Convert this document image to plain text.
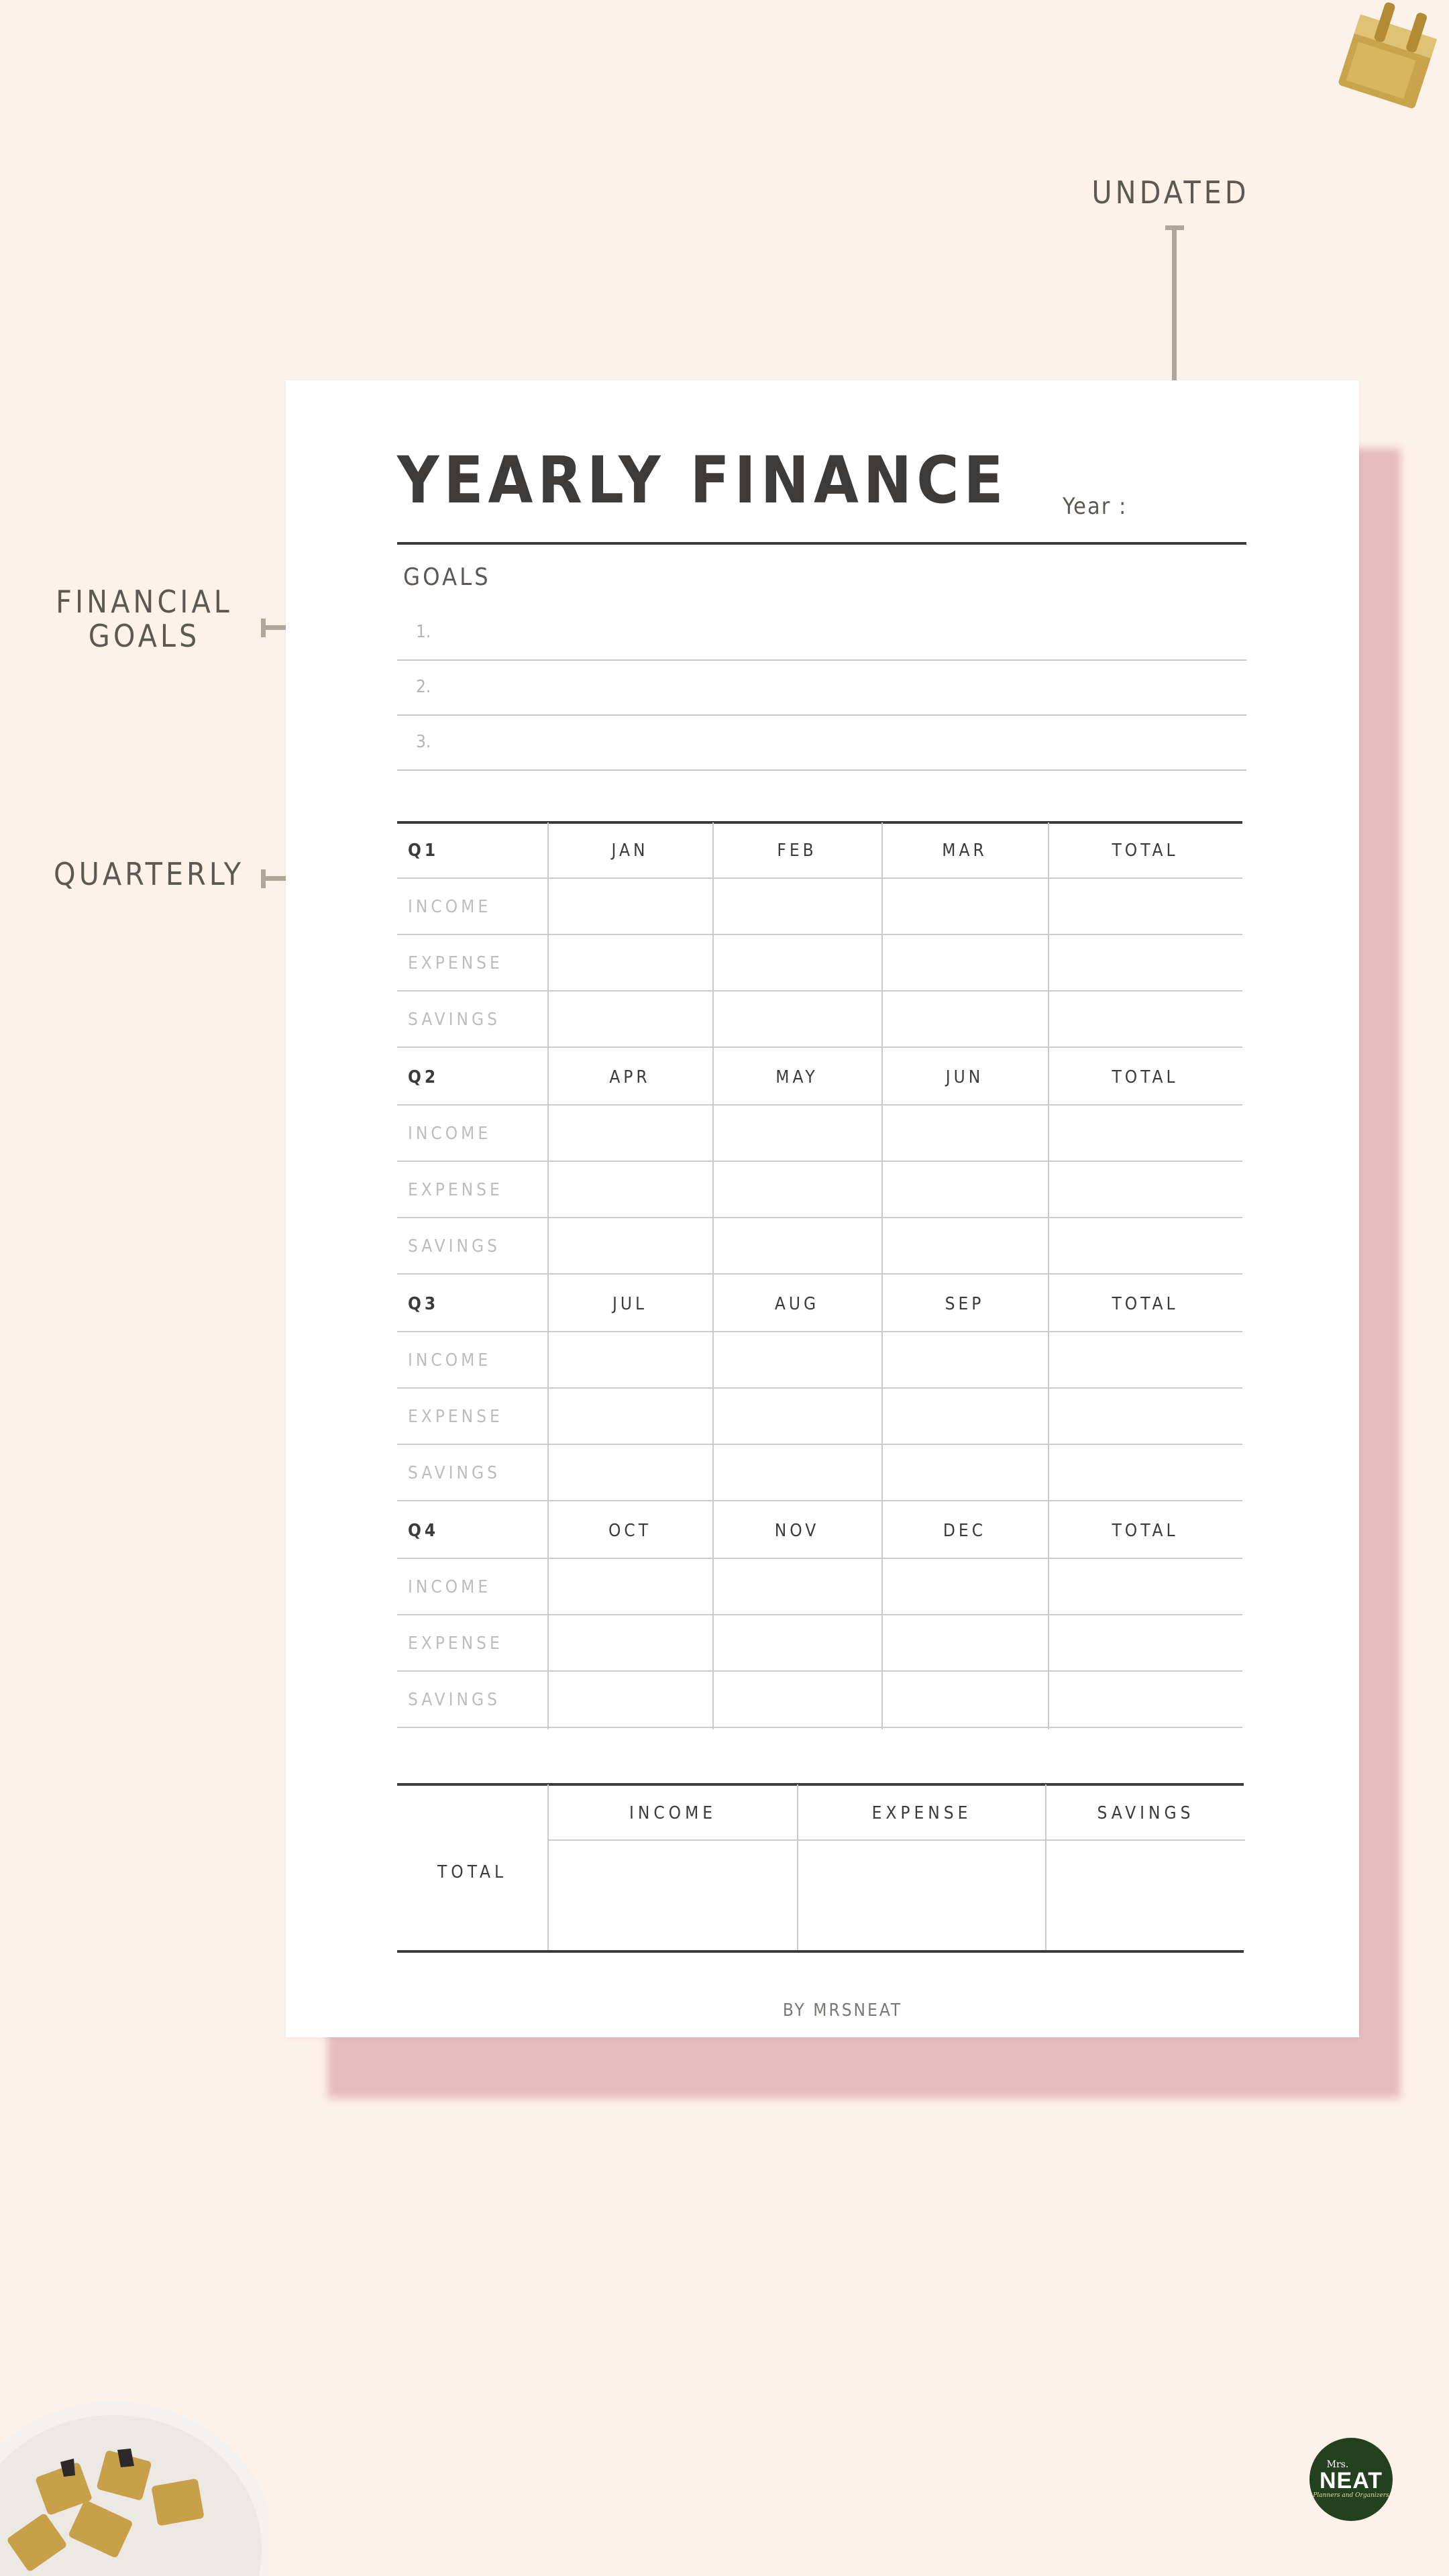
UNDATED
FINANCIAL
GOALS
QUARTERLY
YEARLY FINANCE Year :
GOALS
1.
2.
3.
Q1	JAN	FEB	MAR	TOTAL
INCOME
EXPENSE
SAVINGS
Q2	APR	MAY	JUN	TOTAL
INCOME
EXPENSE
SAVINGS
Q3	JUL	AUG	SEP	TOTAL
INCOME
EXPENSE
SAVINGS
Q4	OCT	NOV	DEC	TOTAL
INCOME
EXPENSE
SAVINGS
TOTAL
INCOME	EXPENSE	SAVINGS
BY MRSNEAT
Mrs.
NEAT
Planners and Organizers
